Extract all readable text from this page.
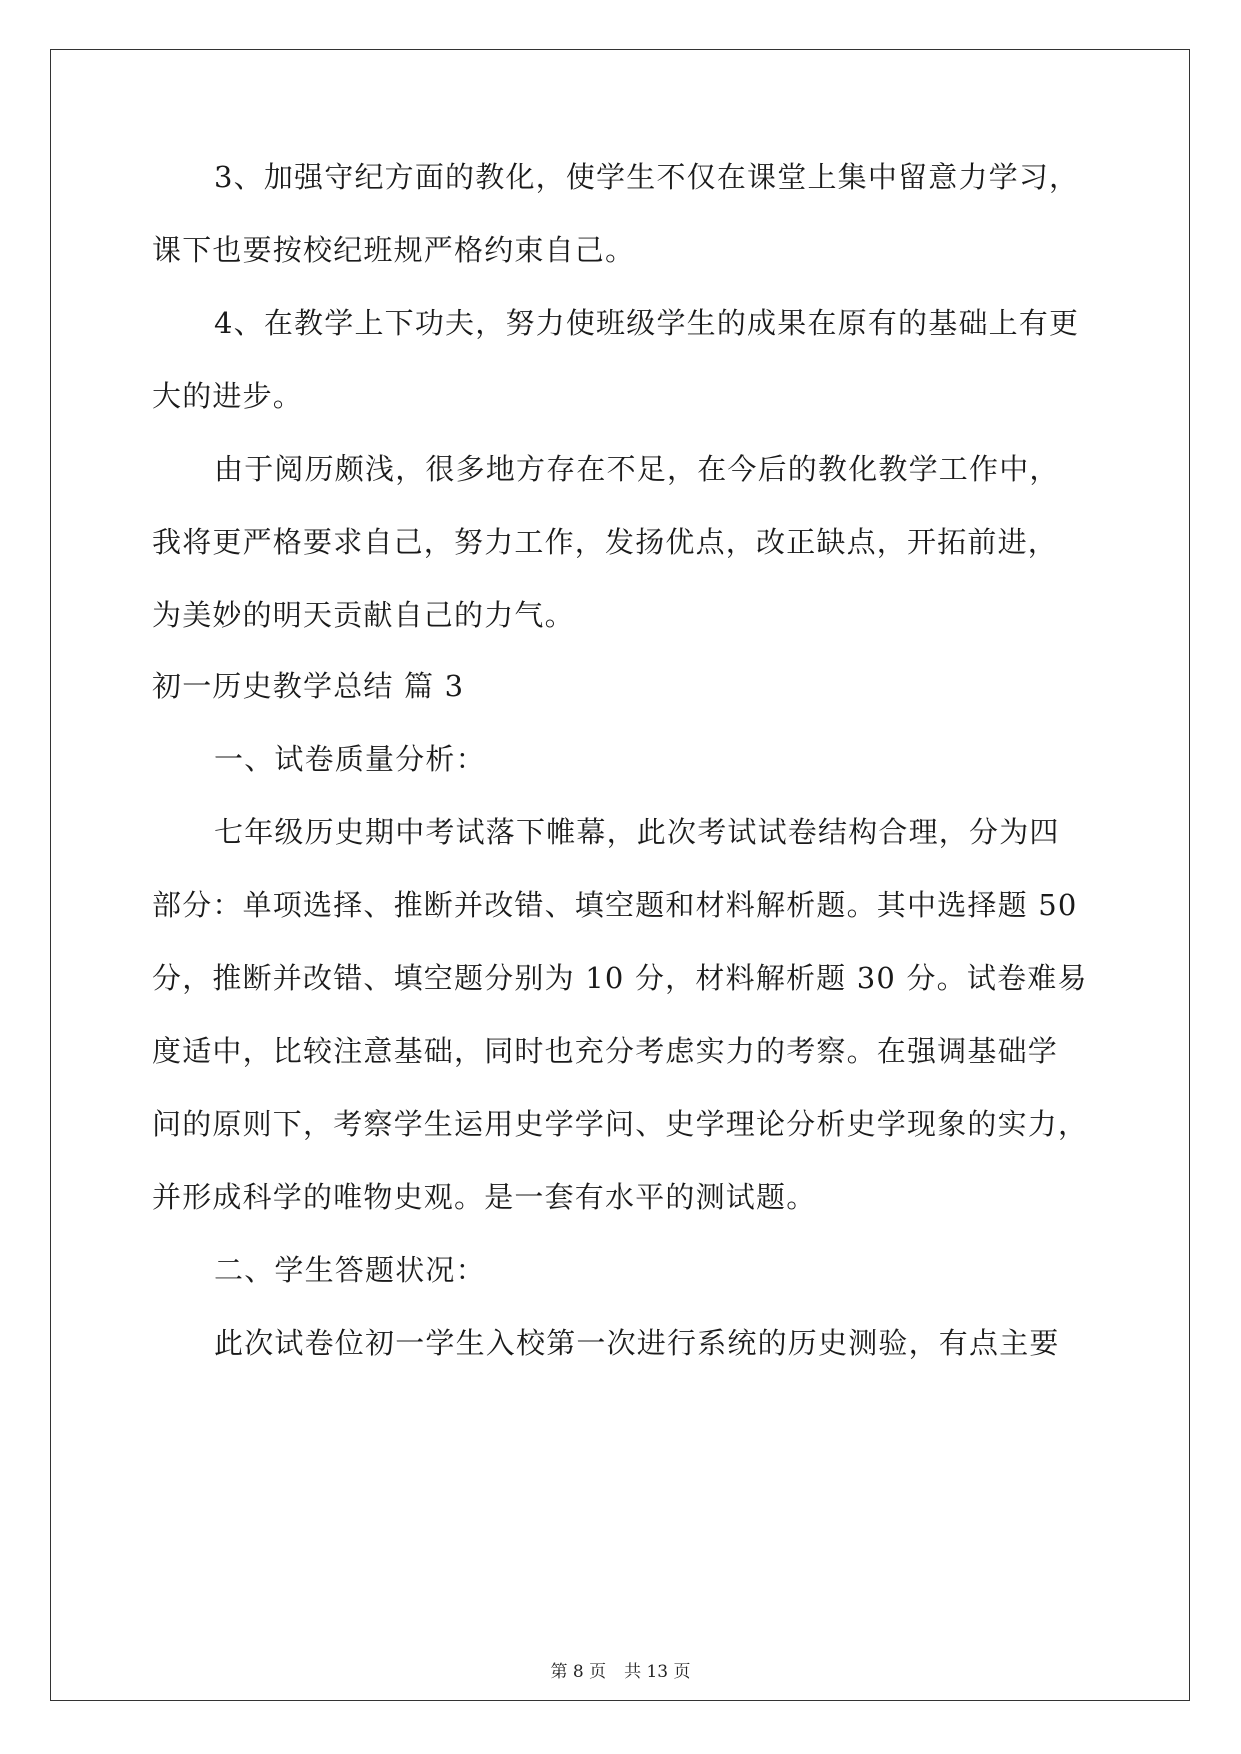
3、加强守纪方面的教化，使学生不仅在课堂上集中留意力学习，

课下也要按校纪班规严格约束自己。

4、在教学上下功夫，努力使班级学生的成果在原有的基础上有更

大的进步。

由于阅历颇浅，很多地方存在不足，在今后的教化教学工作中，

我将更严格要求自己，努力工作，发扬优点，改正缺点，开拓前进，

为美妙的明天贡献自己的力气。

初一历史教学总结 篇 3

一、试卷质量分析：

七年级历史期中考试落下帷幕，此次考试试卷结构合理，分为四

部分：单项选择、推断并改错、填空题和材料解析题。其中选择题 50

分，推断并改错、填空题分别为 10 分，材料解析题 30 分。试卷难易

度适中，比较注意基础，同时也充分考虑实力的考察。在强调基础学

问的原则下，考察学生运用史学学问、史学理论分析史学现象的实力，

并形成科学的唯物史观。是一套有水平的测试题。

二、学生答题状况：

此次试卷位初一学生入校第一次进行系统的历史测验，有点主要

第 8 页 共 13 页
